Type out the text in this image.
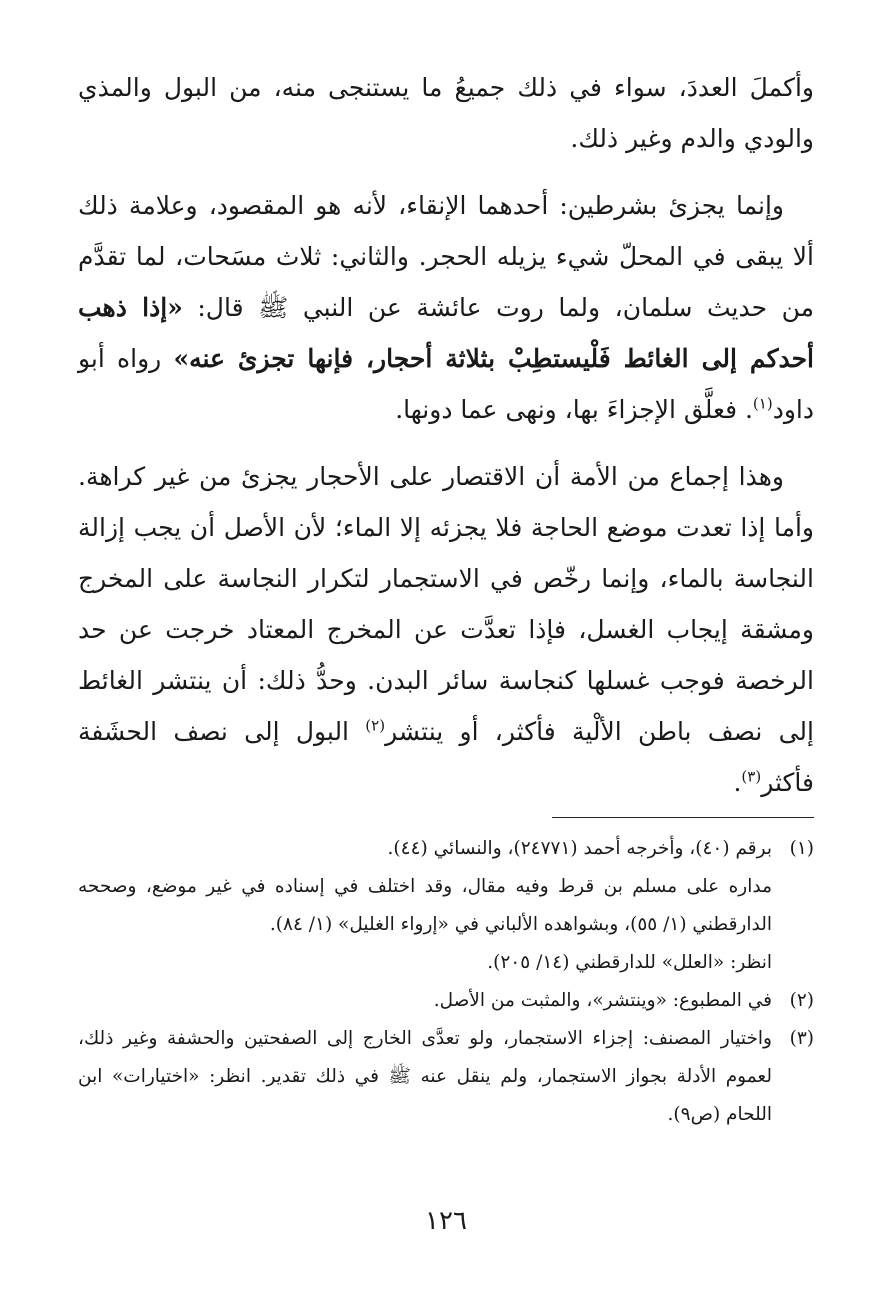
وأكملَ العددَ، سواء في ذلك جميعُ ما يستنجى منه، من البول والمذي والودي والدم وغير ذلك.

وإنما يجزئ بشرطين: أحدهما الإنقاء، لأنه هو المقصود، وعلامة ذلك ألا يبقى في المحلّ شيء يزيله الحجر. والثاني: ثلاث مسَحات، لما تقدَّم من حديث سلمان، ولما روت عائشة عن النبي ﷺ قال: «إذا ذهب أحدكم إلى الغائط فَلْيستطِبْ بثلاثة أحجار، فإنها تجزئ عنه» رواه أبو داود$^{(١)}$. فعلَّق الإجزاءَ بها، ونهى عما دونها.

وهذا إجماع من الأمة أن الاقتصار على الأحجار يجزئ من غير كراهة. وأما إذا تعدت موضع الحاجة فلا يجزئه إلا الماء؛ لأن الأصل أن يجب إزالة النجاسة بالماء، وإنما رخّص في الاستجمار لتكرار النجاسة على المخرج ومشقة إيجاب الغسل، فإذا تعدَّت عن المخرج المعتاد خرجت عن حد الرخصة فوجب غسلها كنجاسة سائر البدن. وحدُّ ذلك: أن ينتشر الغائط إلى نصف باطن الألْية فأكثر، أو ينتشر$^{(٢)}$ البول إلى نصف الحشَفة فأكثر$^{(٣)}$.

(١)
برقم (٤٠)، وأخرجه أحمد (٢٤٧٧١)، والنسائي (٤٤).
مداره على مسلم بن قرط وفيه مقال، وقد اختلف في إسناده في غير موضع، وصححه الدارقطني (١/ ٥٥)، وبشواهده الألباني في «إرواء الغليل» (١/ ٨٤).
انظر: «العلل» للدارقطني (١٤/ ٢٠٥).
(٢)
في المطبوع: «وينتشر»، والمثبت من الأصل.
(٣)
واختيار المصنف: إجزاء الاستجمار، ولو تعدَّى الخارج إلى الصفحتين والحشفة وغير ذلك، لعموم الأدلة بجواز الاستجمار، ولم ينقل عنه ﷺ في ذلك تقدير. انظر: «اختيارات» ابن اللحام (ص٩).
١٢٦
